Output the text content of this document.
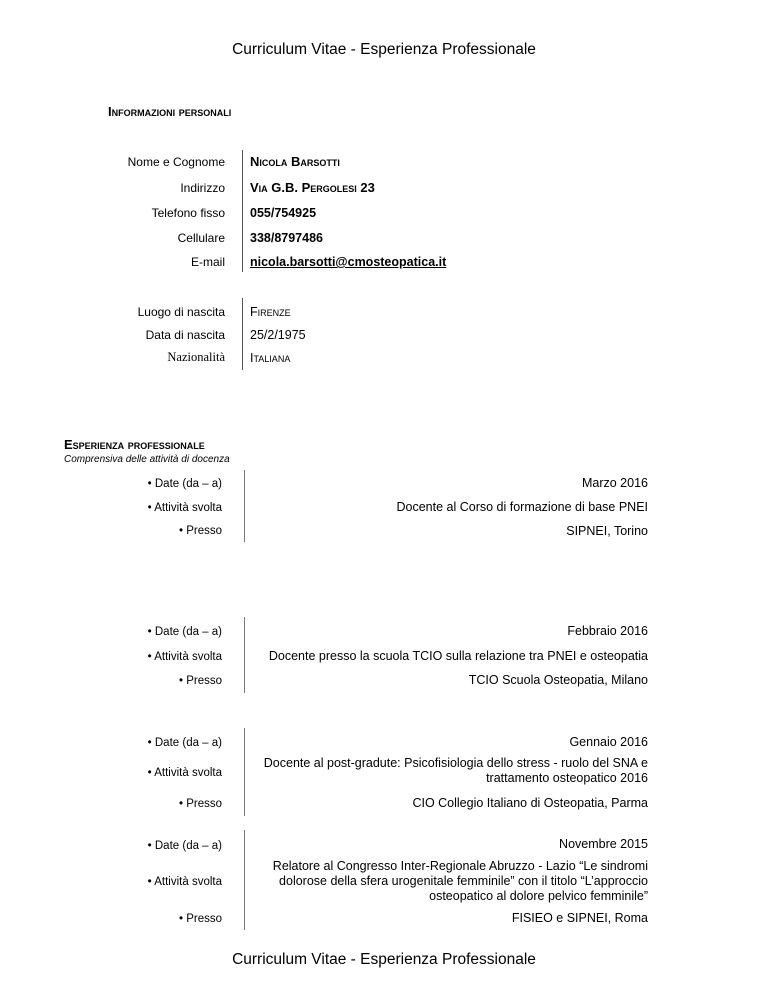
Curriculum Vitae - Esperienza Professionale
Informazioni personali
Nome e Cognome Nicola Barsotti
Indirizzo Via G.B. Pergolesi 23
Telefono fisso 055/754925
Cellulare 338/8797486
E-mail nicola.barsotti@cmosteopatica.it
Luogo di nascita Firenze
Data di nascita 25/2/1975
Nazionalità Italiana
Esperienza professionale
Comprensiva delle attività di docenza
• Date (da – a)	Marzo 2016
• Attività svolta	Docente al Corso di formazione di base PNEI
• Presso	SIPNEI, Torino
• Date (da – a)	Febbraio 2016
• Attività svolta	Docente presso la scuola TCIO sulla relazione tra PNEI e osteopatia
• Presso	TCIO Scuola Osteopatia, Milano
• Date (da – a)	Gennaio 2016
• Attività svolta
Docente al post-gradute: Psicofisiologia dello stress - ruolo del SNA e trattamento osteopatico 2016
• Presso	CIO Collegio Italiano di Osteopatia, Parma
• Date (da – a)	Novembre 2015
• Attività svolta
Relatore al Congresso Inter-Regionale Abruzzo - Lazio “Le sindromi dolorose della sfera urogenitale femminile” con il titolo “L’approccio osteopatico al dolore pelvico femminile”
• Presso	FISIEO e SIPNEI, Roma
Curriculum Vitae - Esperienza Professionale
